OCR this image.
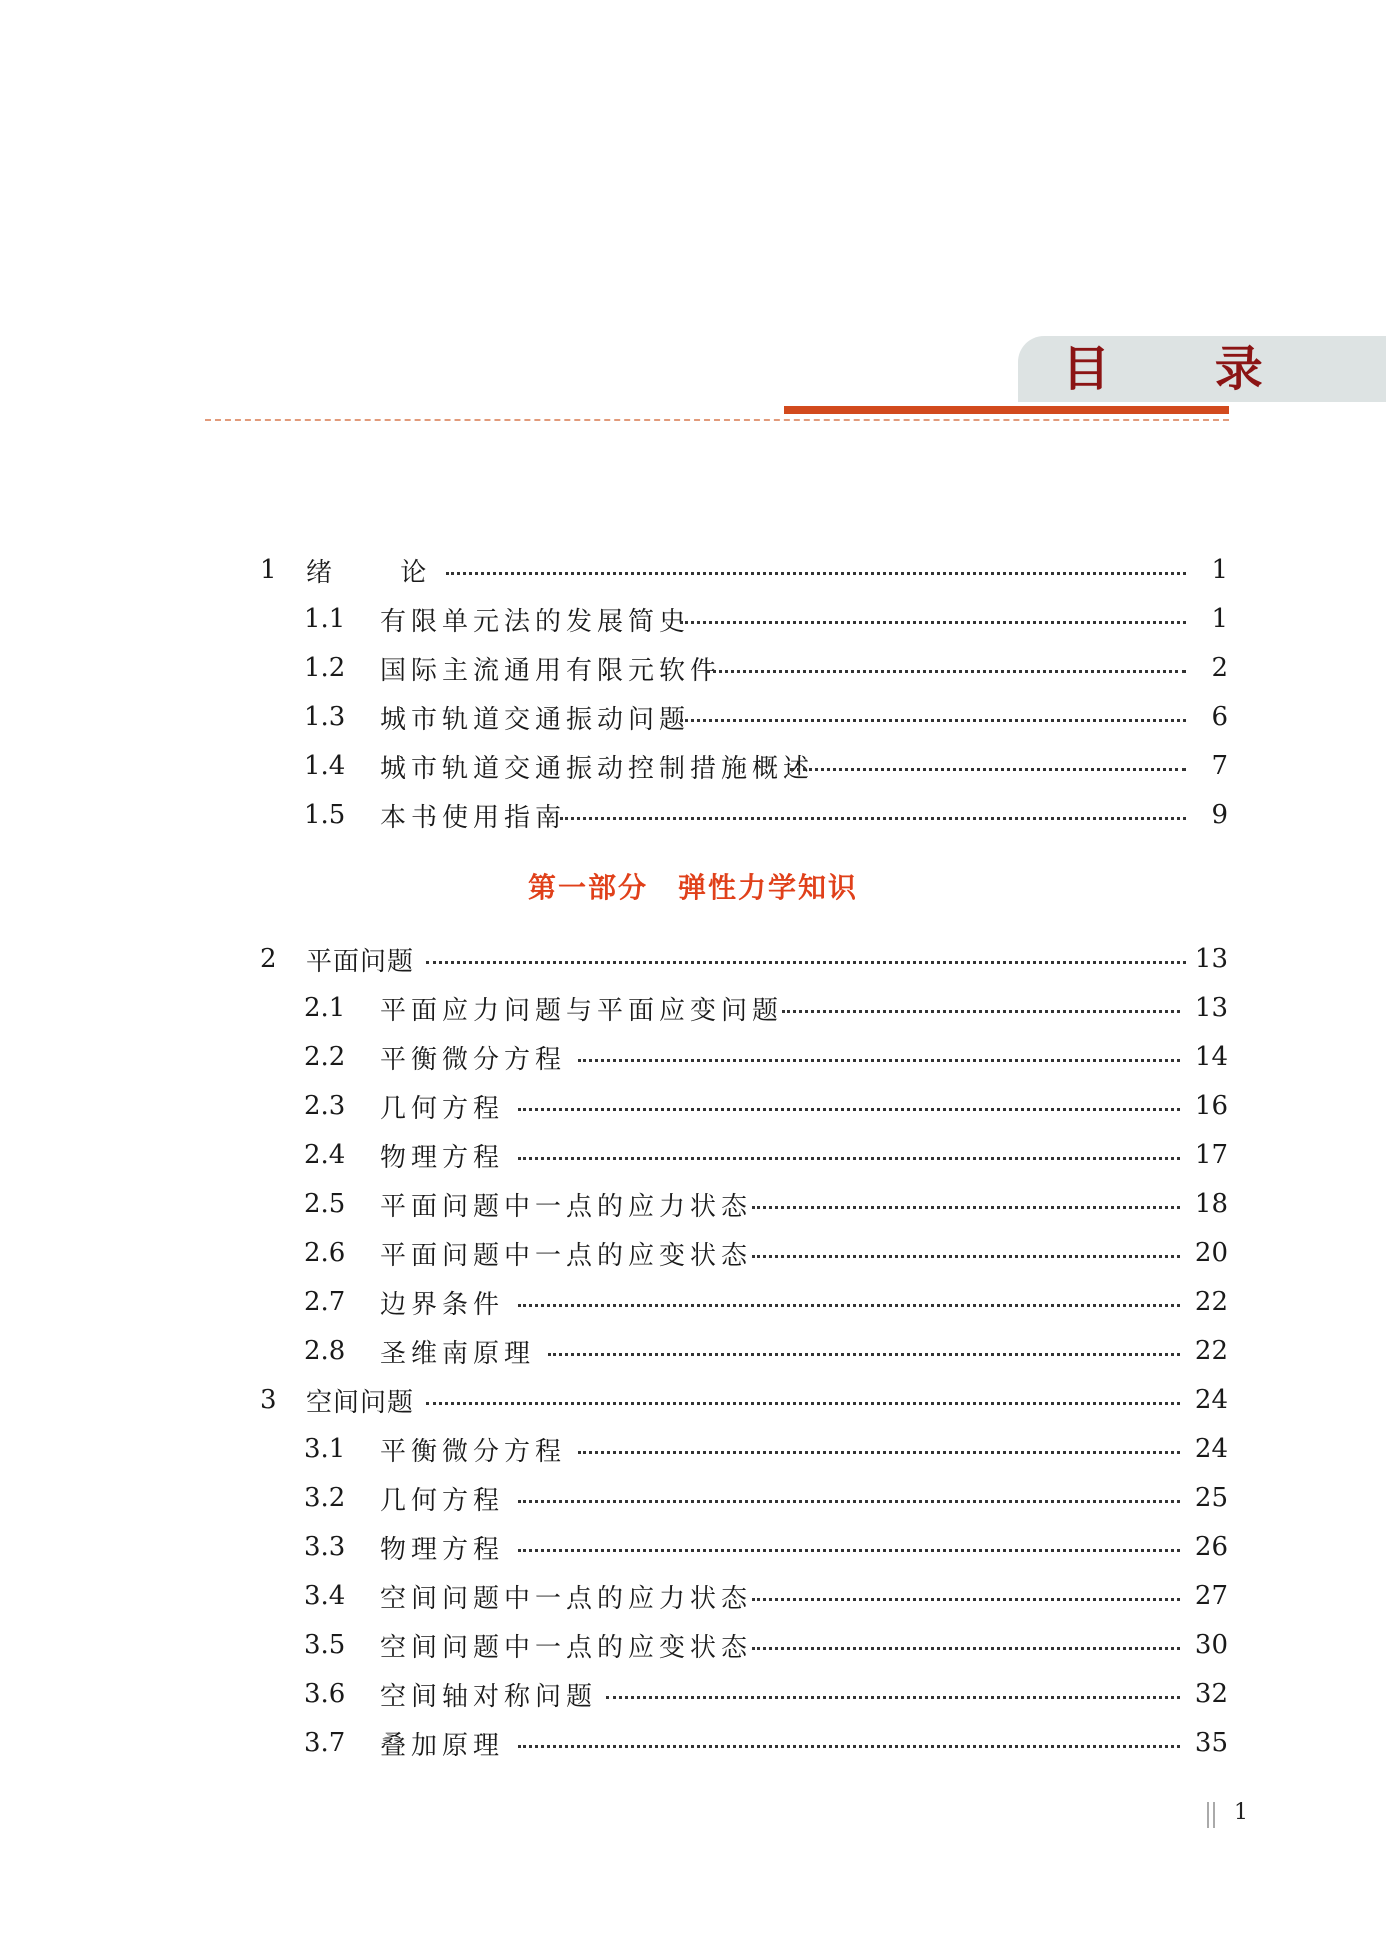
目 录
1 绪 论	1
1.1 有限单元法的发展简史	1
1.2 国际主流通用有限元软件	2
1.3 城市轨道交通振动问题	6
1.4 城市轨道交通振动控制措施概述	7
1.5 本书使用指南	9
第一部分　弹性力学知识
2 平面问题	13
2.1 平面应力问题与平面应变问题	13
2.2 平衡微分方程	14
2.3 几何方程	16
2.4 物理方程	17
2.5 平面问题中一点的应力状态	18
2.6 平面问题中一点的应变状态	20
2.7 边界条件	22
2.8 圣维南原理	22
3 空间问题	24
3.1 平衡微分方程	24
3.2 几何方程	25
3.3 物理方程	26
3.4 空间问题中一点的应力状态	27
3.5 空间问题中一点的应变状态	30
3.6 空间轴对称问题	32
3.7 叠加原理	35
1
